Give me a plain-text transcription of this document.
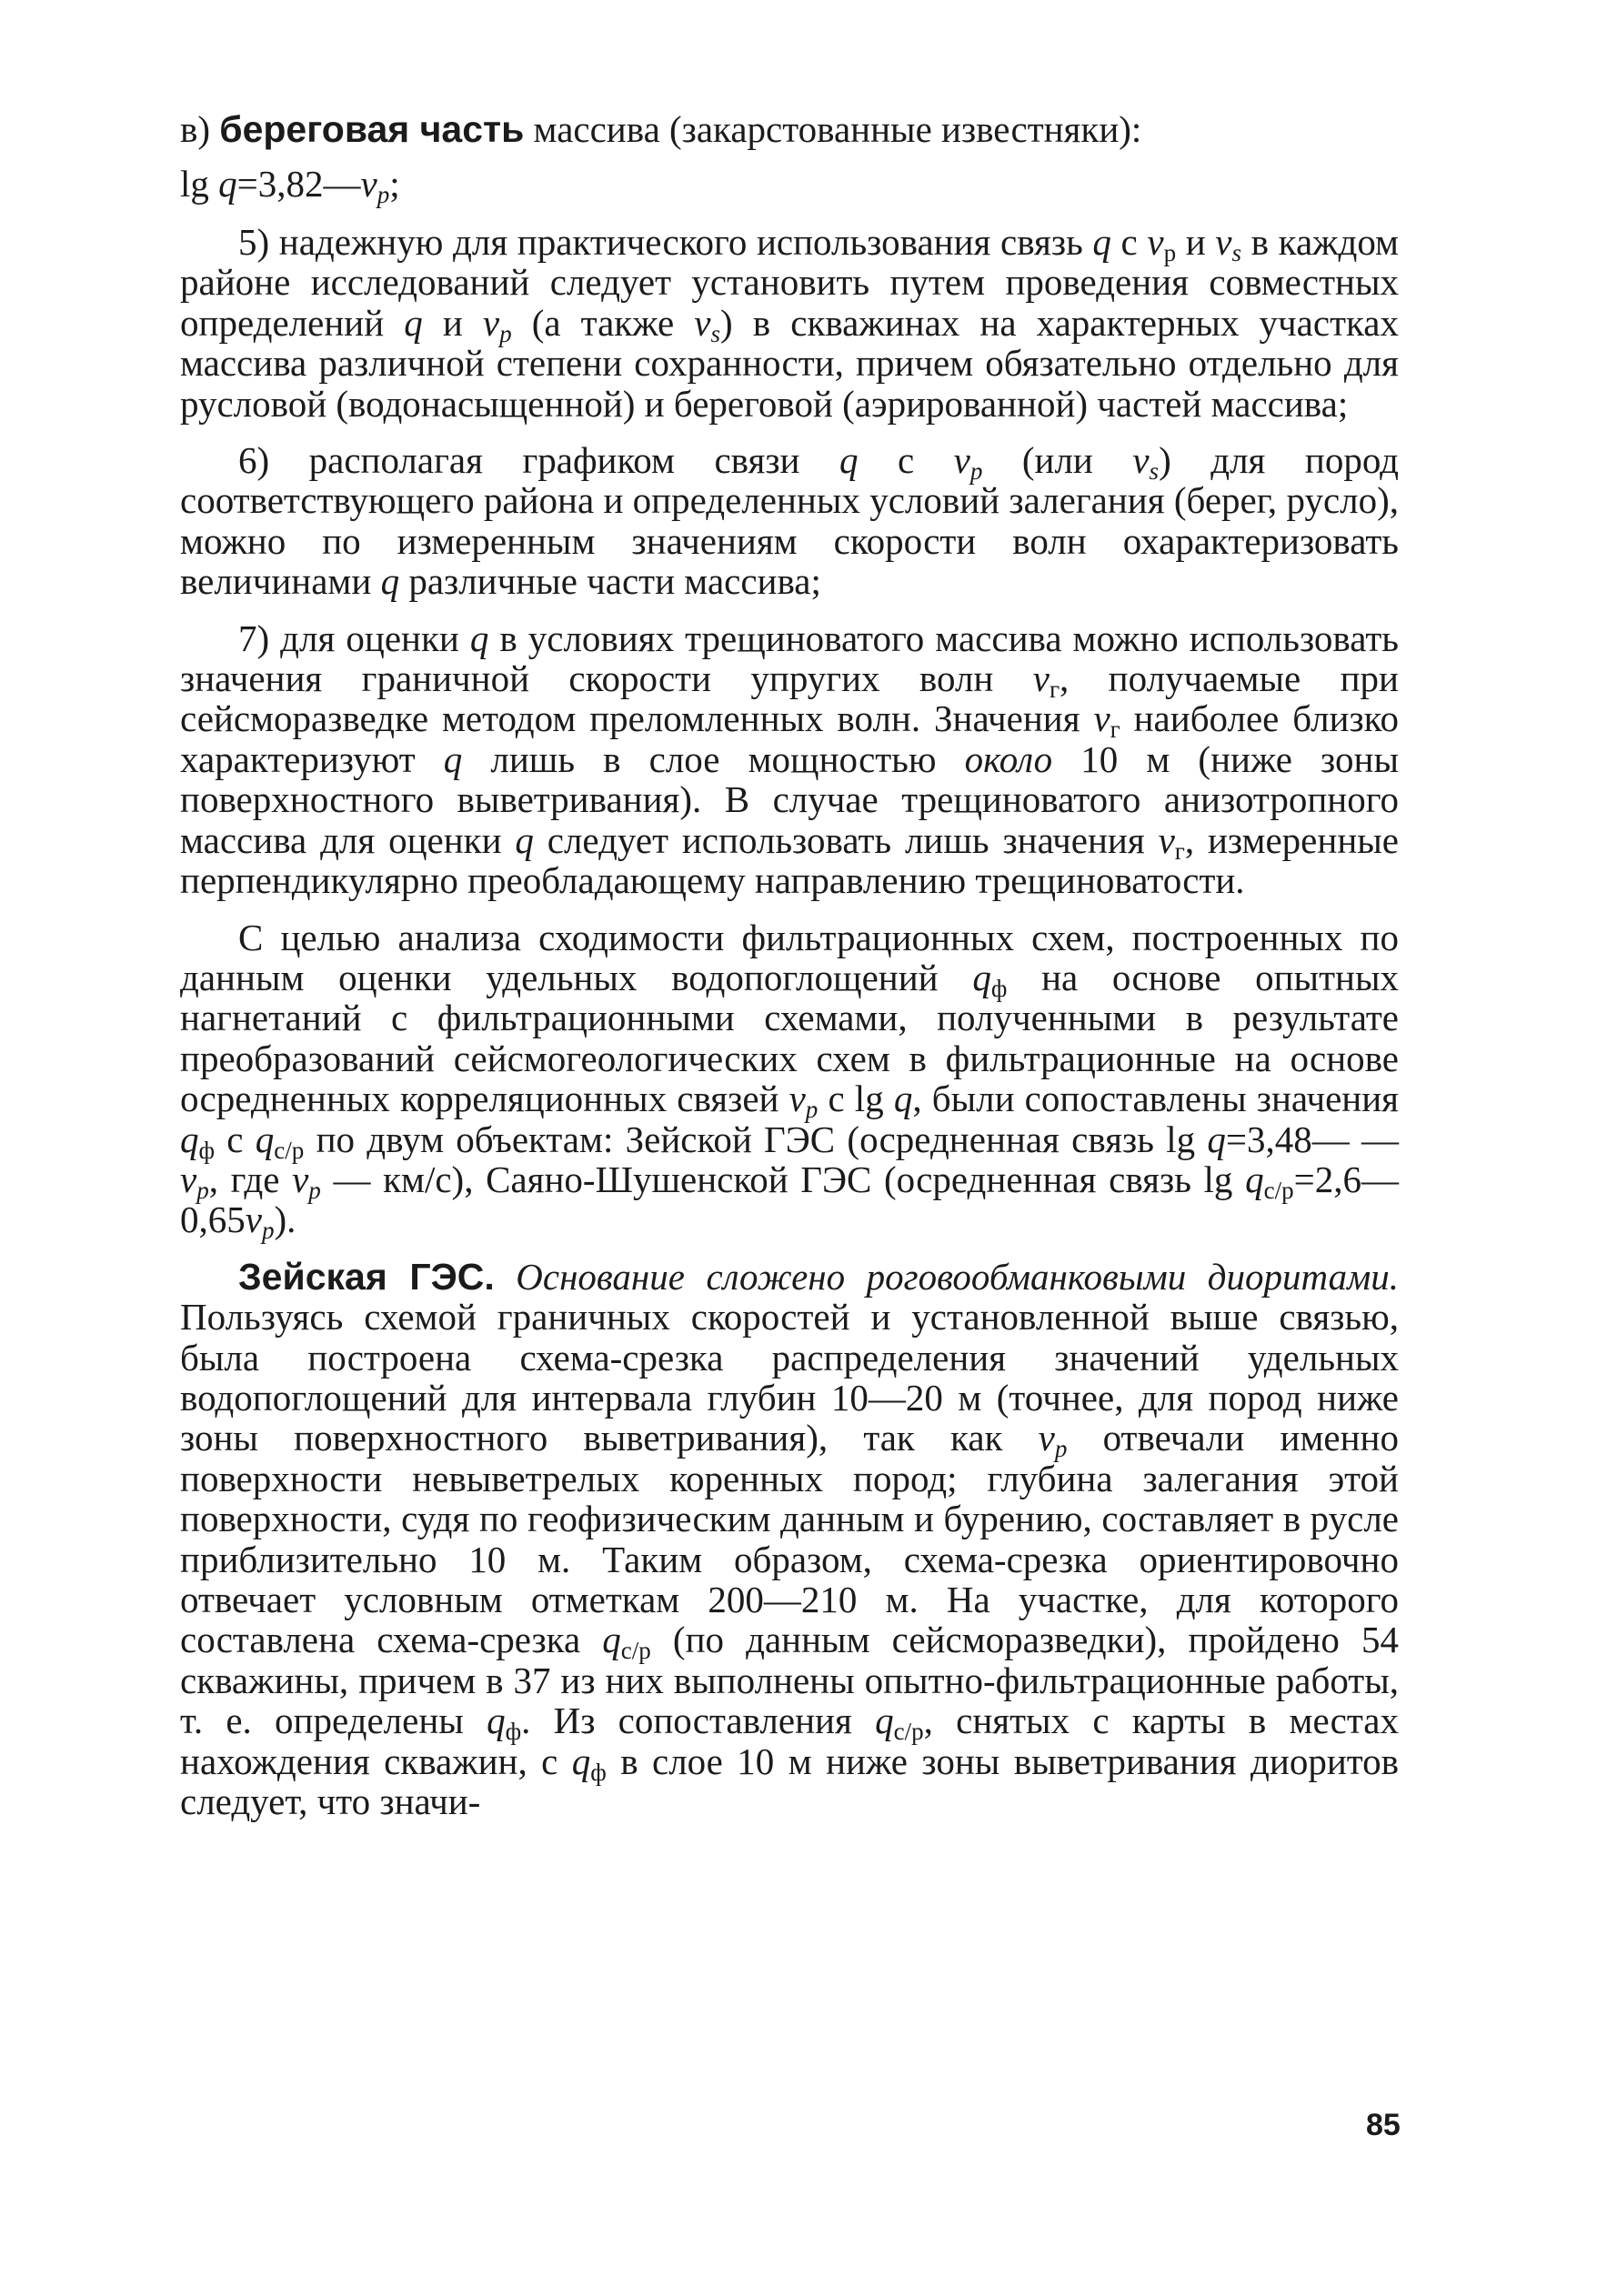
в) береговая часть массива (закарстованные известняки):

$\lg q=3,82—v_p$;

5) надежную для практического использования связь q с $v_р$ и $v_s$ в каждом районе исследований следует установить путем проведения совместных определений q и $v_p$ (а также $v_s$) в скважинах на характерных участках массива различной степени сохранности, причем обязательно отдельно для русловой (водонасыщенной) и береговой (аэрированной) частей массива;

6) располагая графиком связи q с $v_p$ (или $v_s$) для пород соответствующего района и определенных условий залегания (берег, русло), можно по измеренным значениям скорости волн охарактеризовать величинами q различные части массива;

7) для оценки q в условиях трещиноватого массива можно использовать значения граничной скорости упругих волн $v_г$, получаемые при сейсморазведке методом преломленных волн. Значения $v_г$ наиболее близко характеризуют q лишь в слое мощностью около 10 м (ниже зоны поверхностного выветривания). В случае трещиноватого анизотропного массива для оценки q следует использовать лишь значения $v_г$, измеренные перпендикулярно преобладающему направлению трещиноватости.

С целью анализа сходимости фильтрационных схем, построенных по данным оценки удельных водопоглощений $q_ф$ на основе опытных нагнетаний с фильтрационными схемами, полученными в результате преобразований сейсмогеологических схем в фильтрационные на основе осредненных корреляционных связей $v_p$ с lg q, были сопоставлены значения $q_ф$ с $q_{с/р}$ по двум объектам: Зейской ГЭС (осредненная связь lg q=3,48— $—v_p$, где $v_p$ — км/с), Саяно-Шушенской ГЭС (осредненная связь $\lg q_{с/р}=2,6—0,65v_p$).

Зейская ГЭС. Основание сложено роговообманковыми диоритами. Пользуясь схемой граничных скоростей и установленной выше связью, была построена схема-срезка распределения значений удельных водопоглощений для интервала глубин 10—20 м (точнее, для пород ниже зоны поверхностного выветривания), так как $v_p$ отвечали именно поверхности невыветрелых коренных пород; глубина залегания этой поверхности, судя по геофизическим данным и бурению, составляет в русле приблизительно 10 м. Таким образом, схема-срезка ориентировочно отвечает условным отметкам 200—210 м. На участке, для которого составлена схема-срезка $q_{с/р}$ (по данным сейсморазведки), пройдено 54 скважины, причем в 37 из них выполнены опытно-фильтрационные работы, т. е. определены $q_ф$. Из сопоставления $q_{с/р}$, снятых с карты в местах нахождения скважин, с $q_ф$ в слое 10 м ниже зоны выветривания диоритов следует, что значи-

85
